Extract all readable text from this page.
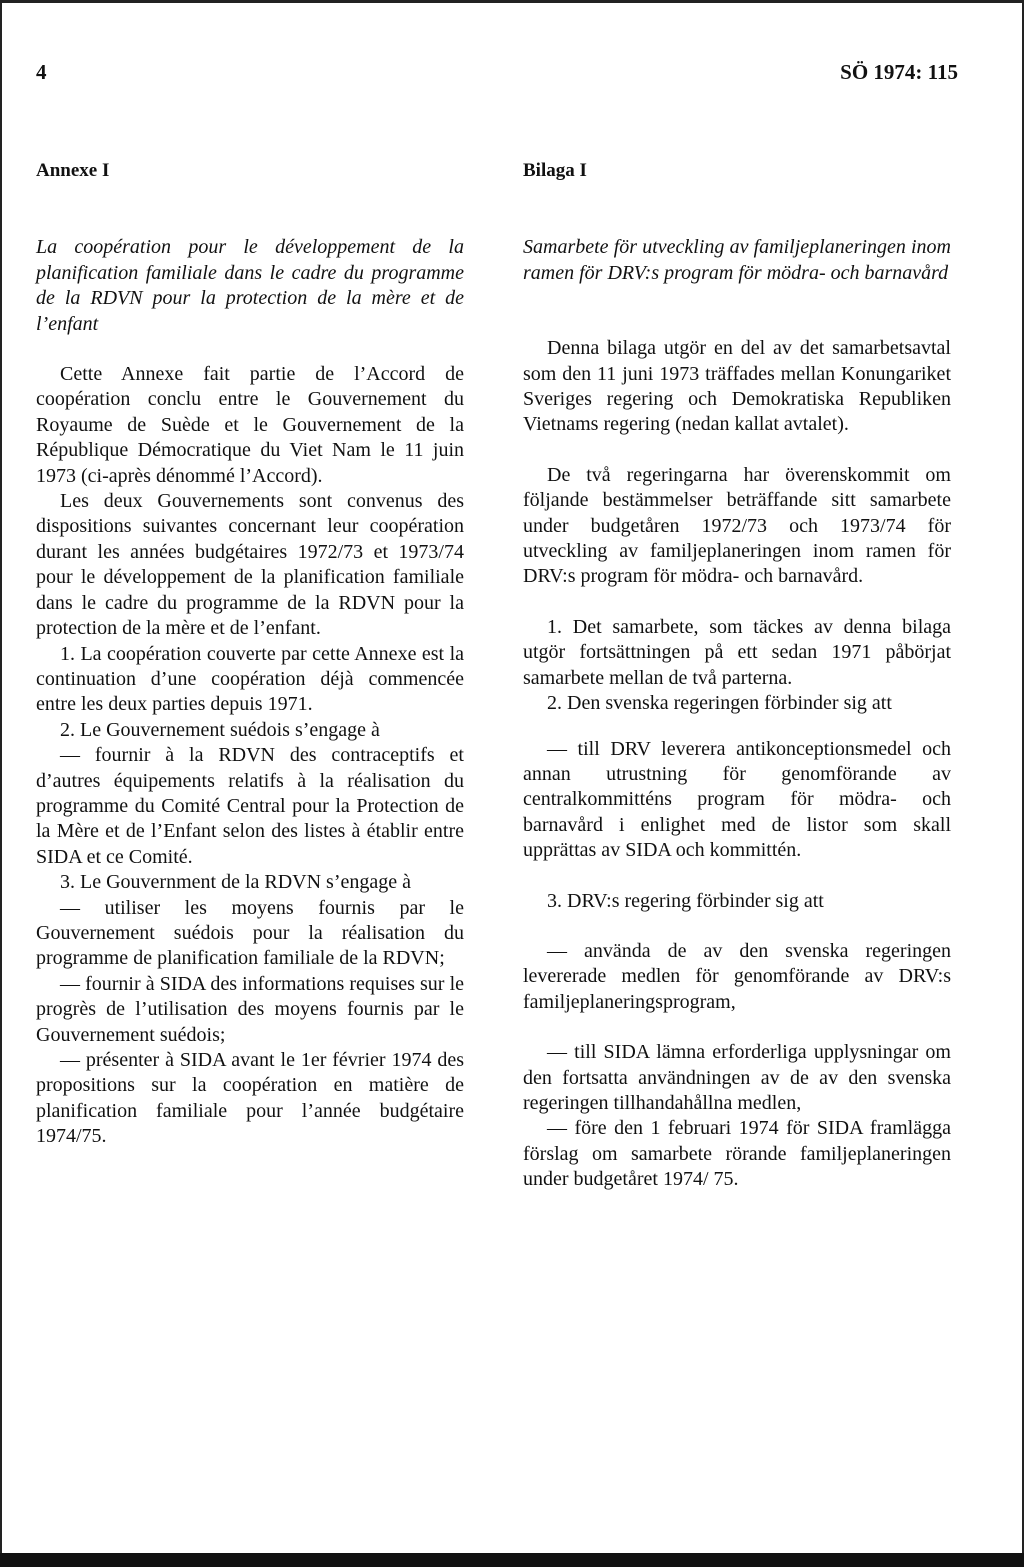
4	SÖ 1974: 115
Annexe I
La coopération pour le développement de la planification familiale dans le cadre du programme de la RDVN pour la protection de la mère et de l’enfant

Cette Annexe fait partie de l’Accord de coopération conclu entre le Gouvernement du Royaume de Suède et le Gouvernement de la République Démocratique du Viet Nam le 11 juin 1973 (ci-après dénommé l’Accord).

Les deux Gouvernements sont convenus des dispositions suivantes concernant leur coopération durant les années budgétaires 1972/73 et 1973/74 pour le développement de la planification familiale dans le cadre du programme de la RDVN pour la protection de la mère et de l’enfant.

1. La coopération couverte par cette Annexe est la continuation d’une coopération déjà commencée entre les deux parties depuis 1971.

2. Le Gouvernement suédois s’engage à

— fournir à la RDVN des contraceptifs et d’autres équipements relatifs à la réalisation du programme du Comité Central pour la Protection de la Mère et de l’Enfant selon des listes à établir entre SIDA et ce Comité.

3. Le Gouvernment de la RDVN s’engage à

— utiliser les moyens fournis par le Gouvernement suédois pour la réalisation du programme de planification familiale de la RDVN;

— fournir à SIDA des informations requises sur le progrès de l’utilisation des moyens fournis par le Gouvernement suédois;

— présenter à SIDA avant le 1er février 1974 des propositions sur la coopération en matière de planification familiale pour l’année budgétaire 1974/75.

Bilaga I
Samarbete för utveckling av familjeplaneringen inom ramen för DRV:s program för mödra- och barnavård

Denna bilaga utgör en del av det samarbetsavtal som den 11 juni 1973 träffades mellan Konungariket Sveriges regering och Demokratiska Republiken Vietnams regering (nedan kallat avtalet).

De två regeringarna har överenskommit om följande bestämmelser beträffande sitt samarbete under budgetåren 1972/73 och 1973/74 för utveckling av familjeplaneringen inom ramen för DRV:s program för mödra- och barnavård.

1. Det samarbete, som täckes av denna bilaga utgör fortsättningen på ett sedan 1971 påbörjat samarbete mellan de två parterna.

2. Den svenska regeringen förbinder sig att

— till DRV leverera antikonceptionsmedel och annan utrustning för genomförande av centralkommitténs program för mödra- och barnavård i enlighet med de listor som skall upprättas av SIDA och kommittén.

3. DRV:s regering förbinder sig att

— använda de av den svenska regeringen levererade medlen för genomförande av DRV:s familjeplaneringsprogram,

— till SIDA lämna erforderliga upplysningar om den fortsatta användningen av de av den svenska regeringen tillhandahållna medlen,

— före den 1 februari 1974 för SIDA framlägga förslag om samarbete rörande familjeplaneringen under budgetåret 1974/ 75.
